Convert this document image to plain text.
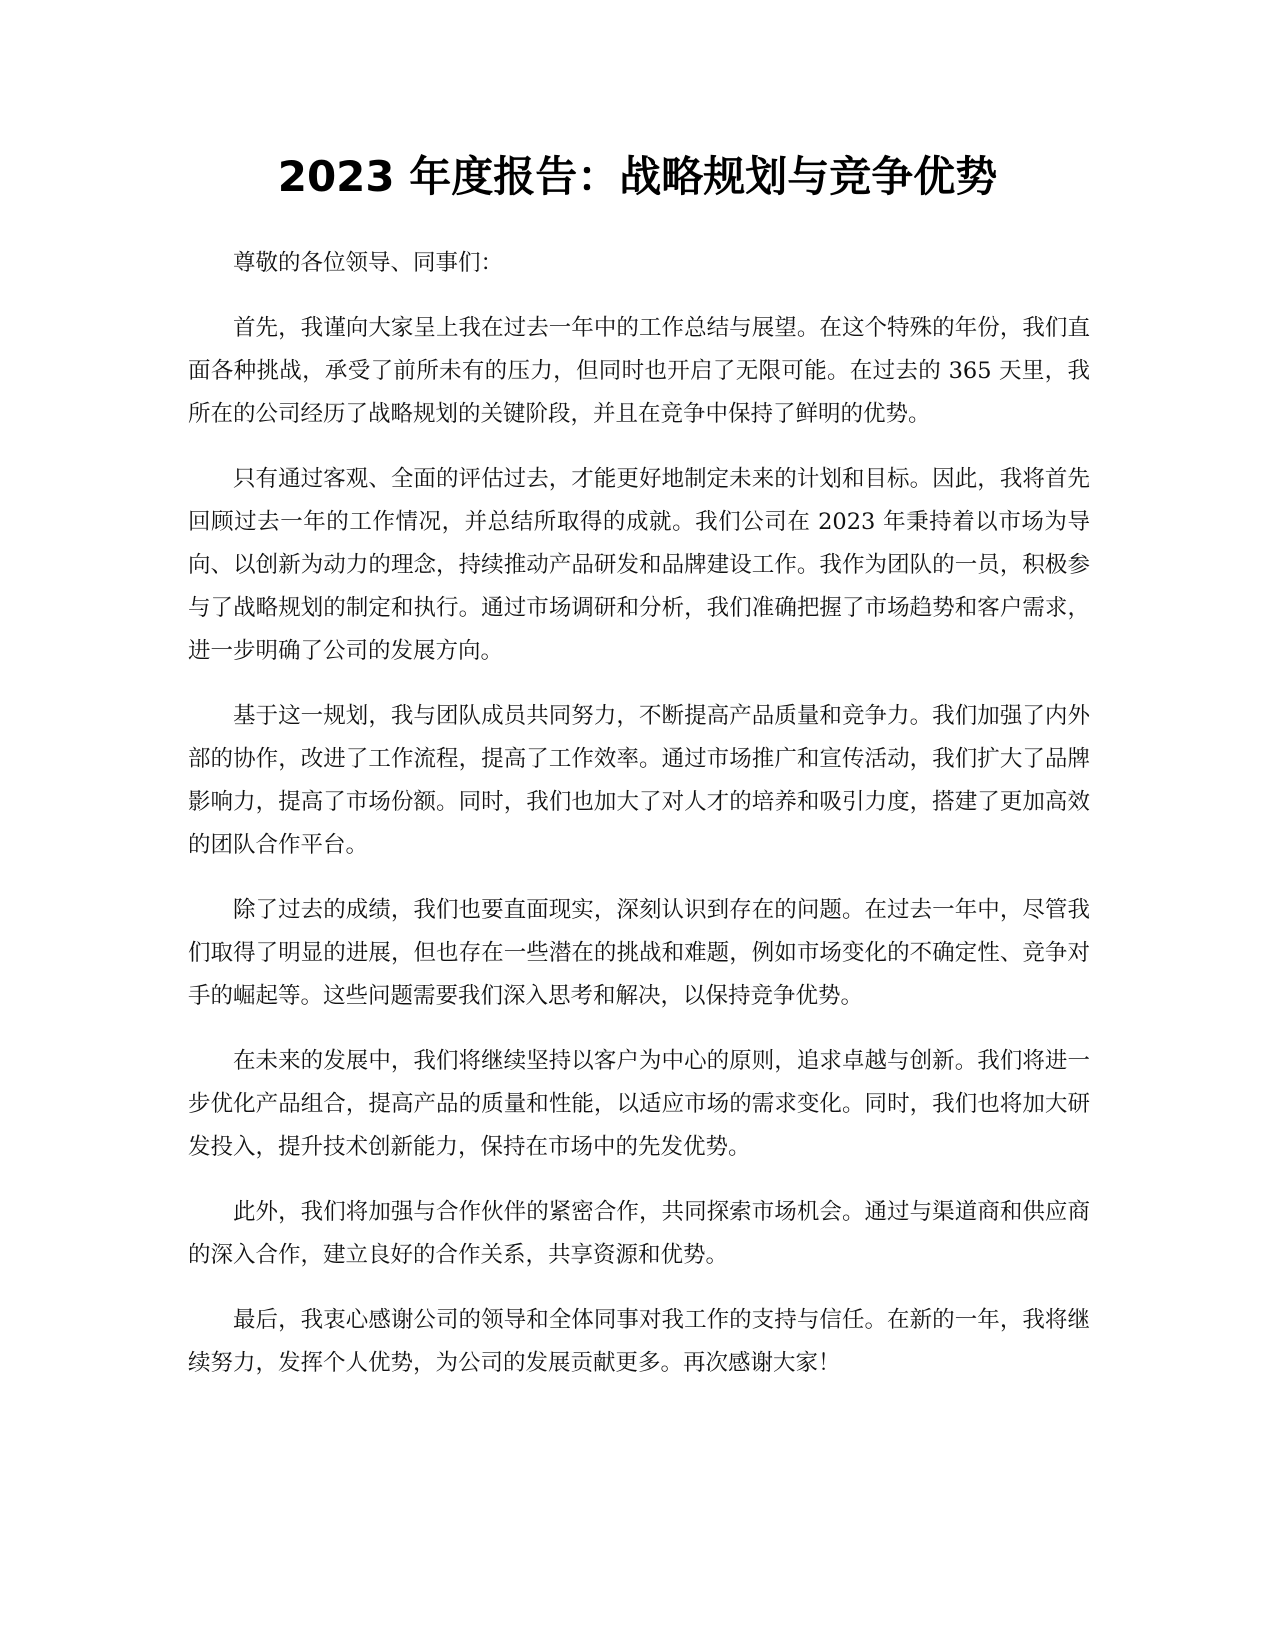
2023 年度报告：战略规划与竞争优势

尊敬的各位领导、同事们：

首先，我谨向大家呈上我在过去一年中的工作总结与展望。在这个特殊的年份，我们直面各种挑战，承受了前所未有的压力，但同时也开启了无限可能。在过去的 365 天里，我所在的公司经历了战略规划的关键阶段，并且在竞争中保持了鲜明的优势。

只有通过客观、全面的评估过去，才能更好地制定未来的计划和目标。因此，我将首先回顾过去一年的工作情况，并总结所取得的成就。我们公司在 2023 年秉持着以市场为导向、以创新为动力的理念，持续推动产品研发和品牌建设工作。我作为团队的一员，积极参与了战略规划的制定和执行。通过市场调研和分析，我们准确把握了市场趋势和客户需求，进一步明确了公司的发展方向。

基于这一规划，我与团队成员共同努力，不断提高产品质量和竞争力。我们加强了内外部的协作，改进了工作流程，提高了工作效率。通过市场推广和宣传活动，我们扩大了品牌影响力，提高了市场份额。同时，我们也加大了对人才的培养和吸引力度，搭建了更加高效的团队合作平台。

除了过去的成绩，我们也要直面现实，深刻认识到存在的问题。在过去一年中，尽管我们取得了明显的进展，但也存在一些潜在的挑战和难题，例如市场变化的不确定性、竞争对手的崛起等。这些问题需要我们深入思考和解决，以保持竞争优势。

在未来的发展中，我们将继续坚持以客户为中心的原则，追求卓越与创新。我们将进一步优化产品组合，提高产品的质量和性能，以适应市场的需求变化。同时，我们也将加大研发投入，提升技术创新能力，保持在市场中的先发优势。

此外，我们将加强与合作伙伴的紧密合作，共同探索市场机会。通过与渠道商和供应商的深入合作，建立良好的合作关系，共享资源和优势。

最后，我衷心感谢公司的领导和全体同事对我工作的支持与信任。在新的一年，我将继续努力，发挥个人优势，为公司的发展贡献更多。再次感谢大家！
